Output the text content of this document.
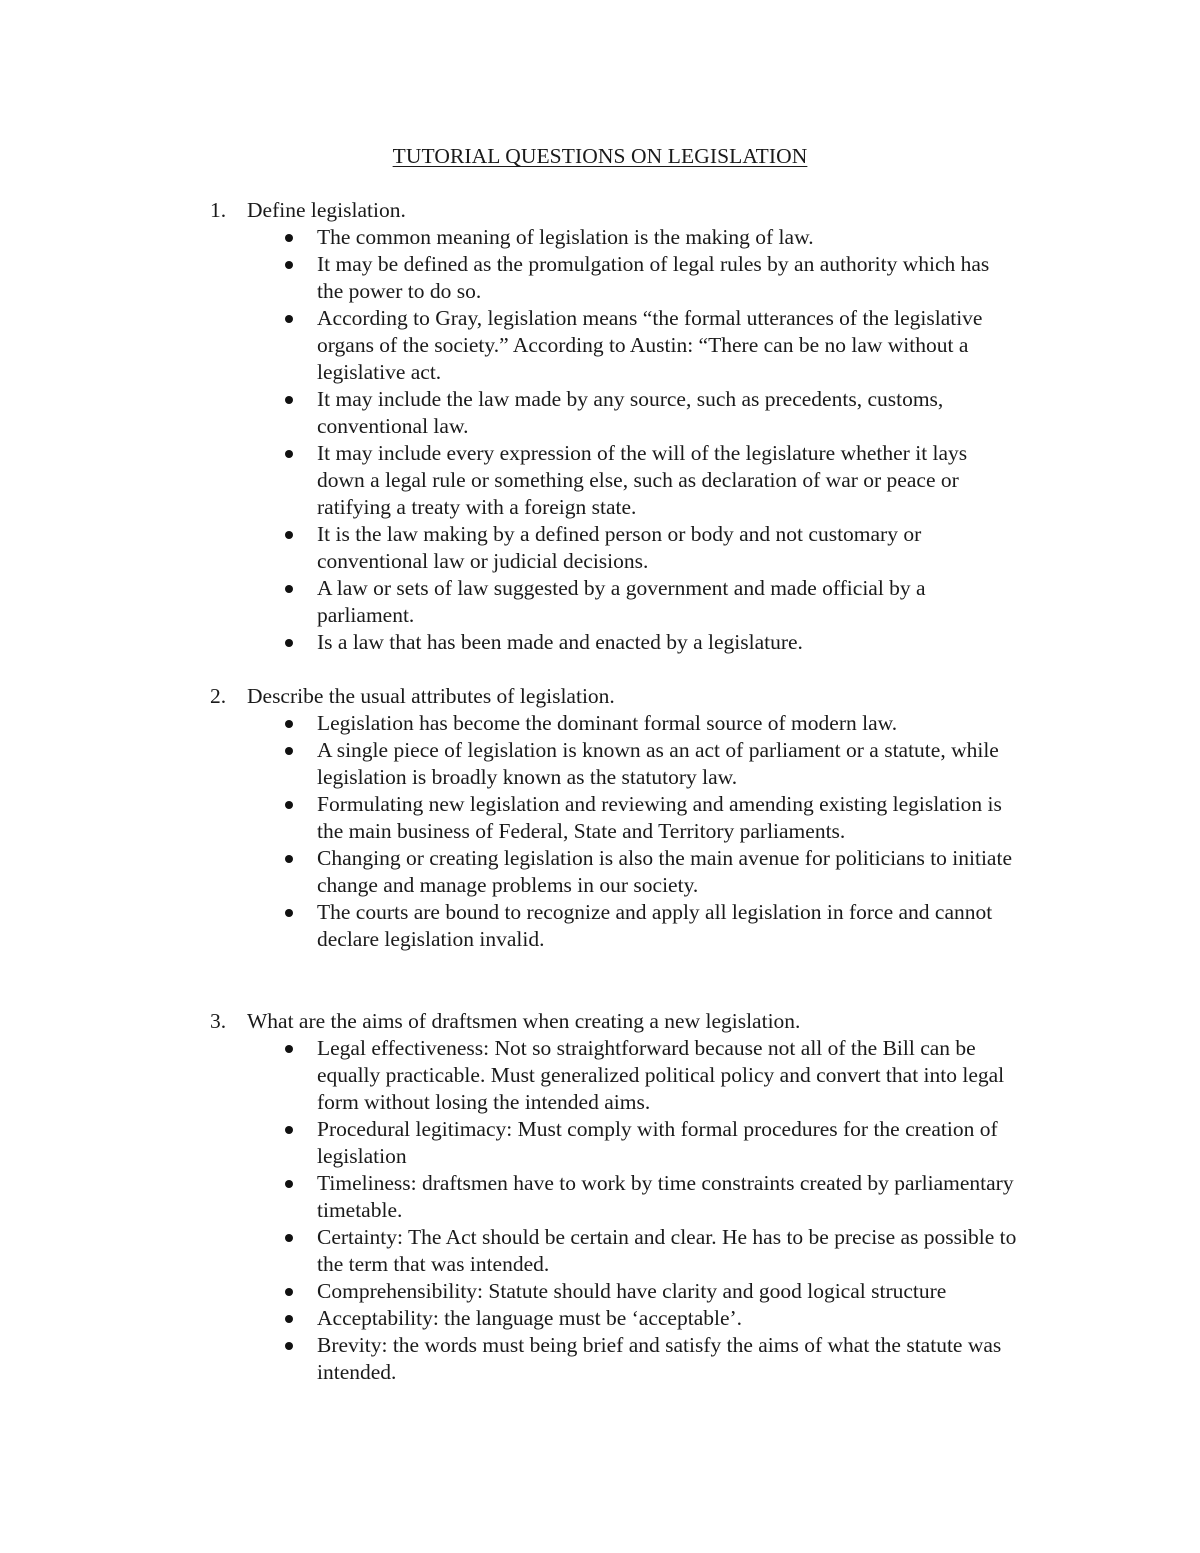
TUTORIAL QUESTIONS ON LEGISLATION
1. Define legislation.
The common meaning of legislation is the making of law.
It may be defined as the promulgation of legal rules by an authority which has the power to do so.
According to Gray, legislation means “the formal utterances of the legislative organs of the society.” According to Austin: “There can be no law without a legislative act.
It may include the law made by any source, such as precedents, customs, conventional law.
It may include every expression of the will of the legislature whether it lays down a legal rule or something else, such as declaration of war or peace or ratifying a treaty with a foreign state.
It is the law making by a defined person or body and not customary or conventional law or judicial decisions.
A law or sets of law suggested by a government and made official by a parliament.
Is a law that has been made and enacted by a legislature.
2. Describe the usual attributes of legislation.
Legislation has become the dominant formal source of modern law.
A single piece of legislation is known as an act of parliament or a statute, while legislation is broadly known as the statutory law.
Formulating new legislation and reviewing and amending existing legislation is the main business of Federal, State and Territory parliaments.
Changing or creating legislation is also the main avenue for politicians to initiate change and manage problems in our society.
The courts are bound to recognize and apply all legislation in force and cannot declare legislation invalid.
3. What are the aims of draftsmen when creating a new legislation.
Legal effectiveness: Not so straightforward because not all of the Bill can be equally practicable. Must generalized political policy and convert that into legal form without losing the intended aims.
Procedural legitimacy: Must comply with formal procedures for the creation of legislation
Timeliness: draftsmen have to work by time constraints created by parliamentary timetable.
Certainty: The Act should be certain and clear. He has to be precise as possible to the term that was intended.
Comprehensibility: Statute should have clarity and good logical structure
Acceptability: the language must be ‘acceptable’.
Brevity: the words must being brief and satisfy the aims of what the statute was intended.
